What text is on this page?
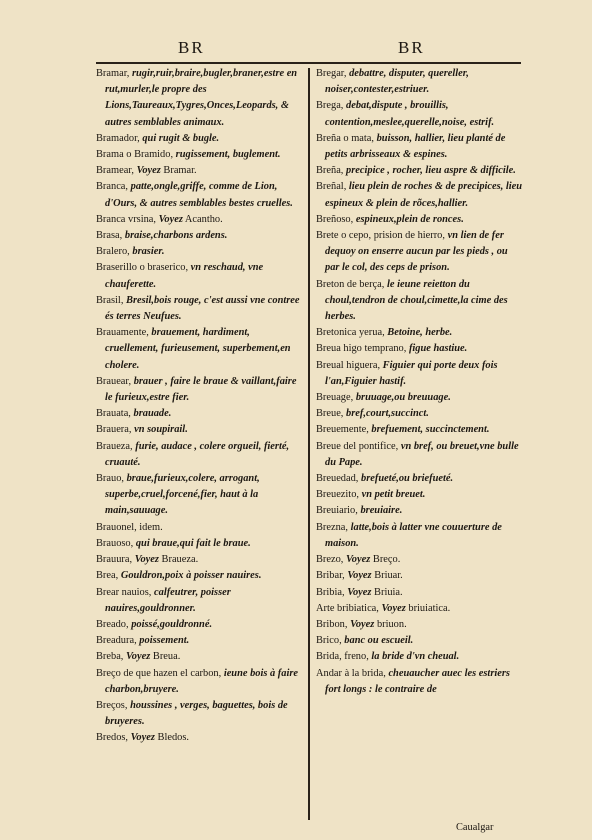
BR	BR

Bramar, rugir,ruir,braire,bugler,braner,estre en rut,murler,le propre des Lions,Taureaux,Tygres,Onces,Leopards, & autres semblables animaux.

Bramador, qui rugit & bugle.

Brama o Bramido, rugissement, buglement.

Bramear, Voyez Bramar.

Branca, patte,ongle,griffe, comme de Lion, d'Ours, & autres semblables bestes cruelles.

Branca vrsina, Voyez Acantho.

Brasa, braise,charbons ardens.

Bralero, brasier.

Braserillo o braserico, vn reschaud, vne chauferette.

Brasil, Bresil,bois rouge, c'est aussi vne contree és terres Neufues.

Brauamente, brauement, hardiment, cruellement, furieusement, superbement,en cholere.

Brauear, brauer , faire le braue & vaillant,faire le furieux,estre fier.

Brauata, brauade.

Brauera, vn soupirail.

Braueza, furie, audace , colere orgueil, fierté, cruauté.

Brauo, braue,furieux,colere, arrogant, superbe,cruel,forcené,fier, haut à la main,sauuage.

Brauonel, idem.

Brauoso, qui braue,qui fait le braue.

Brauura, Voyez Braueza.

Brea, Gouldron,poix à poisser nauires.

Brear nauios, calfeutrer, poisser nauires,gouldronner.

Breado, poissé,gouldronné.

Breadura, poissement.

Breba, Voyez Breua.

Breço de que hazen el carbon, ieune bois à faire charbon,bruyere.

Breços, houssines , verges, baguettes, bois de bruyeres.

Bredos, Voyez Bledos.

Bregar, debattre, disputer, quereller, noiser,contester,estriuer.

Brega, debat,dispute , brouillis, contention,meslee,querelle,noise, estrif.

Breña o mata, buisson, hallier, lieu planté de petits arbrisseaux & espines.

Breña, precipice , rocher, lieu aspre & difficile.

Breñal, lieu plein de roches & de precipices, lieu espineux & plein de rõces,hallier.

Breñoso, espineux,plein de ronces.

Brete o cepo, prision de hierro, vn lien de fer dequoy on enserre aucun par les pieds , ou par le col, des ceps de prison.

Breton de berça, le ieune reietton du choul,tendron de choul,cimette,la cime des herbes.

Bretonica yerua, Betoine, herbe.

Breua higo temprano, figue hastiue.

Breual higuera, Figuier qui porte deux fois l'an,Figuier hastif.

Breuage, bruuage,ou breuuage.

Breue, bref,court,succinct.

Breuemente, brefuement, succinctement.

Breue del pontifice, vn bref, ou breuet,vne bulle du Pape.

Breuedad, brefueté,ou briefueté.

Breuezito, vn petit breuet.

Breuiario, breuiaire.

Brezna, latte,bois à latter vne couuerture de maison.

Brezo, Voyez Breço.

Bribar, Voyez Briuar.

Bribia, Voyez Briuia.

Arte bribiatica, Voyez briuiatica.

Bribon, Voyez briuon.

Brico, banc ou escueil.

Brida, freno, la bride d'vn cheual.

Andar à la brida, cheuaucher auec les estriers fort longs : le contraire de

Caualgar
